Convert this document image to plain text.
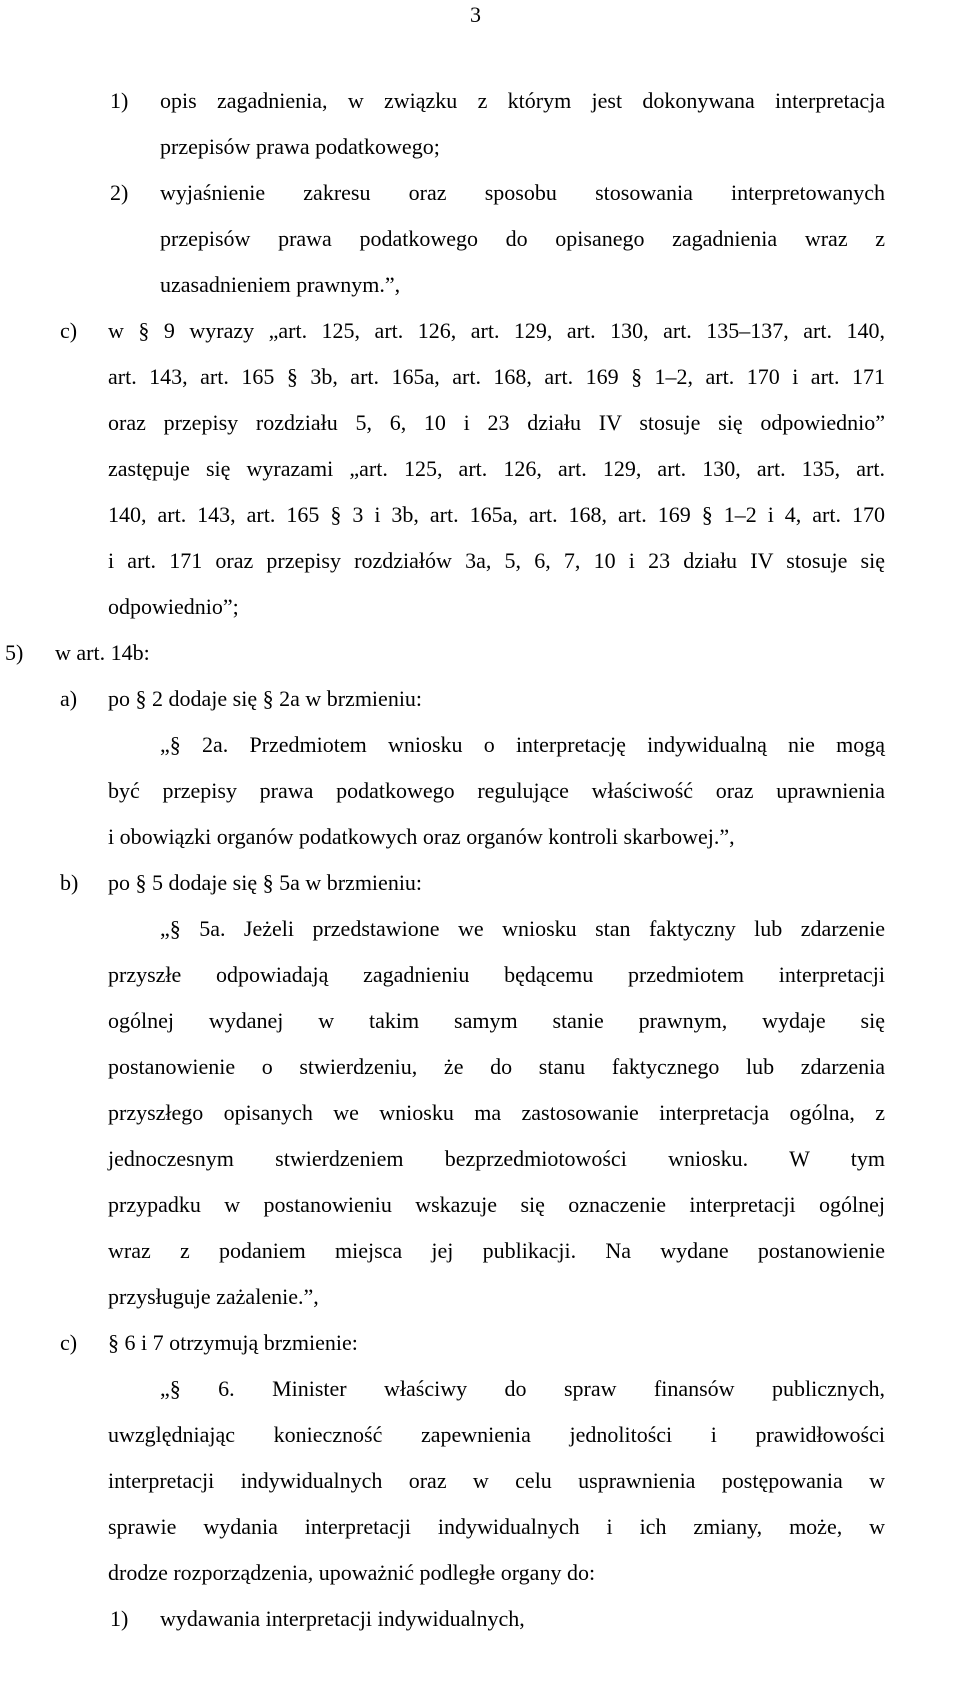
3
1) opis zagadnienia, w związku z którym jest dokonywana interpretacja
przepisów prawa podatkowego;
2) wyjaśnienie zakresu oraz sposobu stosowania interpretowanych
przepisów prawa podatkowego do opisanego zagadnienia wraz z
uzasadnieniem prawnym.”,
c) w § 9 wyrazy „art. 125, art. 126, art. 129, art. 130, art. 135–137, art. 140,
art. 143, art. 165 § 3b, art. 165a, art. 168, art. 169 § 1–2, art. 170 i art. 171
oraz przepisy rozdziału 5, 6, 10 i 23 działu IV stosuje się odpowiednio”
zastępuje się wyrazami „art. 125, art. 126, art. 129, art. 130, art. 135, art.
140, art. 143, art. 165 § 3 i 3b, art. 165a, art. 168, art. 169 § 1–2 i 4, art. 170
i art. 171 oraz przepisy rozdziałów 3a, 5, 6, 7, 10 i 23 działu IV stosuje się
odpowiednio”;
5) w art. 14b:
a) po § 2 dodaje się § 2a w brzmieniu:
„§ 2a. Przedmiotem wniosku o interpretację indywidualną nie mogą
być przepisy prawa podatkowego regulujące właściwość oraz uprawnienia
i obowiązki organów podatkowych oraz organów kontroli skarbowej.”,
b) po § 5 dodaje się § 5a w brzmieniu:
„§ 5a. Jeżeli przedstawione we wniosku stan faktyczny lub zdarzenie
przyszłe odpowiadają zagadnieniu będącemu przedmiotem interpretacji
ogólnej wydanej w takim samym stanie prawnym, wydaje się
postanowienie o stwierdzeniu, że do stanu faktycznego lub zdarzenia
przyszłego opisanych we wniosku ma zastosowanie interpretacja ogólna, z
jednoczesnym stwierdzeniem bezprzedmiotowości wniosku. W tym
przypadku w postanowieniu wskazuje się oznaczenie interpretacji ogólnej
wraz z podaniem miejsca jej publikacji. Na wydane postanowienie
przysługuje zażalenie.”,
c) § 6 i 7 otrzymują brzmienie:
„§ 6. Minister właściwy do spraw finansów publicznych,
uwzględniając konieczność zapewnienia jednolitości i prawidłowości
interpretacji indywidualnych oraz w celu usprawnienia postępowania w
sprawie wydania interpretacji indywidualnych i ich zmiany, może, w
drodze rozporządzenia, upoważnić podległe organy do:
1) wydawania interpretacji indywidualnych,
